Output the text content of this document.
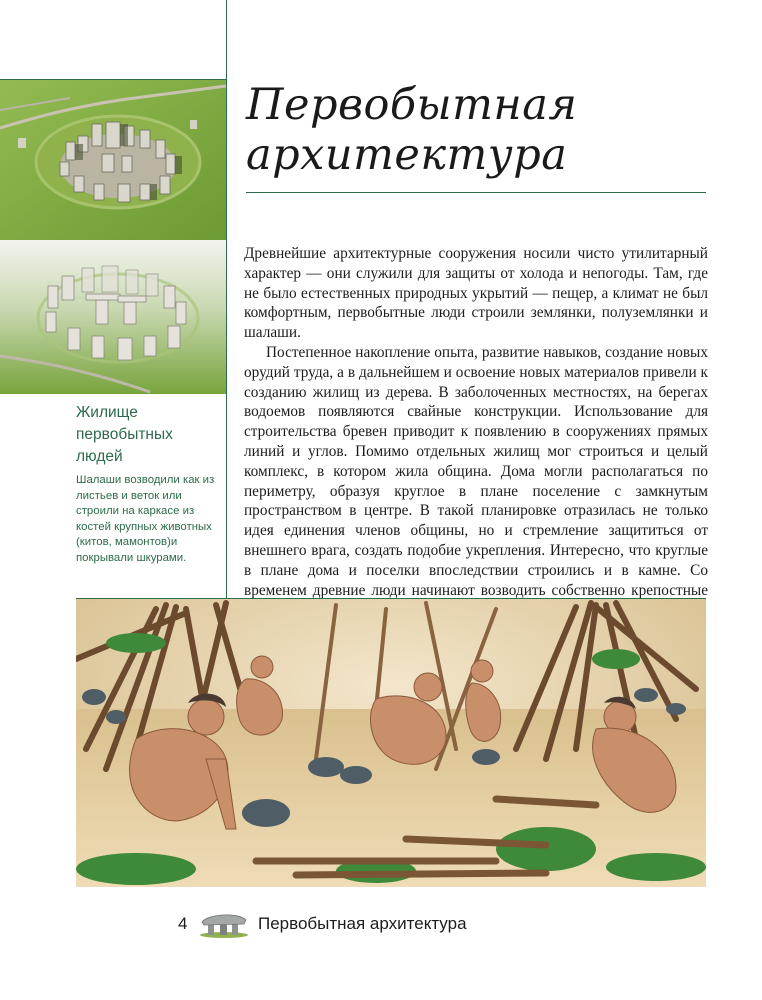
Первобытная
архитектура

Древнейшие архитектурные сооружения носили чисто утилитарный характер — они служили для защиты от холода и непогоды. Там, где не было естественных природных укрытий — пещер, а климат не был комфортным, первобытные люди строили землянки, полуземлянки и шалаши.

Постепенное накопление опыта, развитие навыков, создание новых орудий труда, а в дальнейшем и освоение новых материалов привели к созданию жилищ из дерева. В заболоченных местностях, на берегах водоемов появляются свайные конструкции. Использование для строительства бревен приводит к появлению в сооружениях прямых линий и углов. Помимо отдельных жилищ мог строиться и целый комплекс, в котором жила община. Дома могли располагаться по периметру, образуя круглое в плане поселение с замкнутым пространством в центре. В такой планировке отразилась не только идея единения членов общины, но и стремление защититься от внешнего врага, создать подобие укрепления. Интересно, что круглые в плане дома и поселки впоследствии строились и в камне. Со временем древние люди начинают возводить собственно крепостные

Жилище
первобытных
людей
Шалаши возводили как из листьев и веток или строили на каркасе из костей крупных животных (китов, мамонтов)и покрывали шкурами.
4	Первобытная архитектура
